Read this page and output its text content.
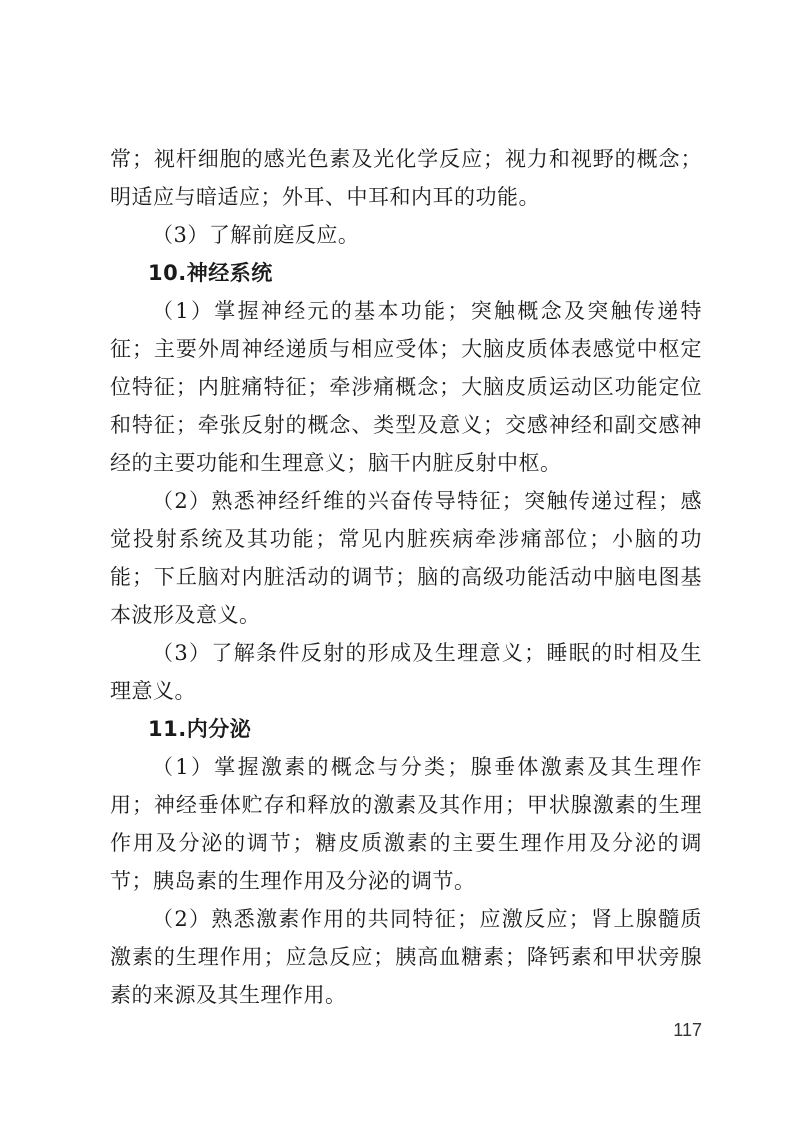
常；视杆细胞的感光色素及光化学反应；视力和视野的概念；明适应与暗适应；外耳、中耳和内耳的功能。

（3）了解前庭反应。

10.神经系统

（1）掌握神经元的基本功能；突触概念及突触传递特征；主要外周神经递质与相应受体；大脑皮质体表感觉中枢定位特征；内脏痛特征；牵涉痛概念；大脑皮质运动区功能定位和特征；牵张反射的概念、类型及意义；交感神经和副交感神经的主要功能和生理意义；脑干内脏反射中枢。

（2）熟悉神经纤维的兴奋传导特征；突触传递过程；感觉投射系统及其功能；常见内脏疾病牵涉痛部位；小脑的功能；下丘脑对内脏活动的调节；脑的高级功能活动中脑电图基本波形及意义。

（3）了解条件反射的形成及生理意义；睡眠的时相及生理意义。

11.内分泌

（1）掌握激素的概念与分类；腺垂体激素及其生理作用；神经垂体贮存和释放的激素及其作用；甲状腺激素的生理作用及分泌的调节；糖皮质激素的主要生理作用及分泌的调节；胰岛素的生理作用及分泌的调节。

（2）熟悉激素作用的共同特征；应激反应；肾上腺髓质激素的生理作用；应急反应；胰高血糖素；降钙素和甲状旁腺素的来源及其生理作用。

117
